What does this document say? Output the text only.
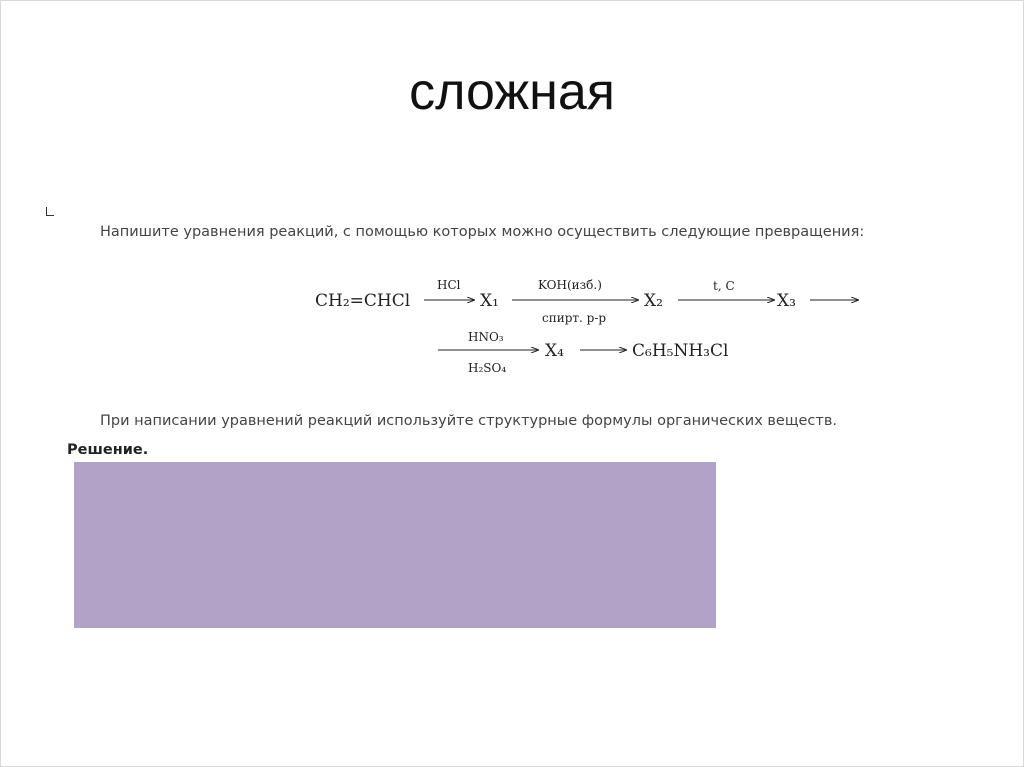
сложная
Напишите уравнения реакций, с помощью которых можно осуществить следующие превращения:
CH₂=CHCl
HCl
X₁
KOH(изб.)
спирт. р-р
X₂
t, C
X₃
HNO₃
H₂SO₄
X₄	C₆H₅NH₃Cl
При написании уравнений реакций используйте структурные формулы органических веществ.
Решение.
